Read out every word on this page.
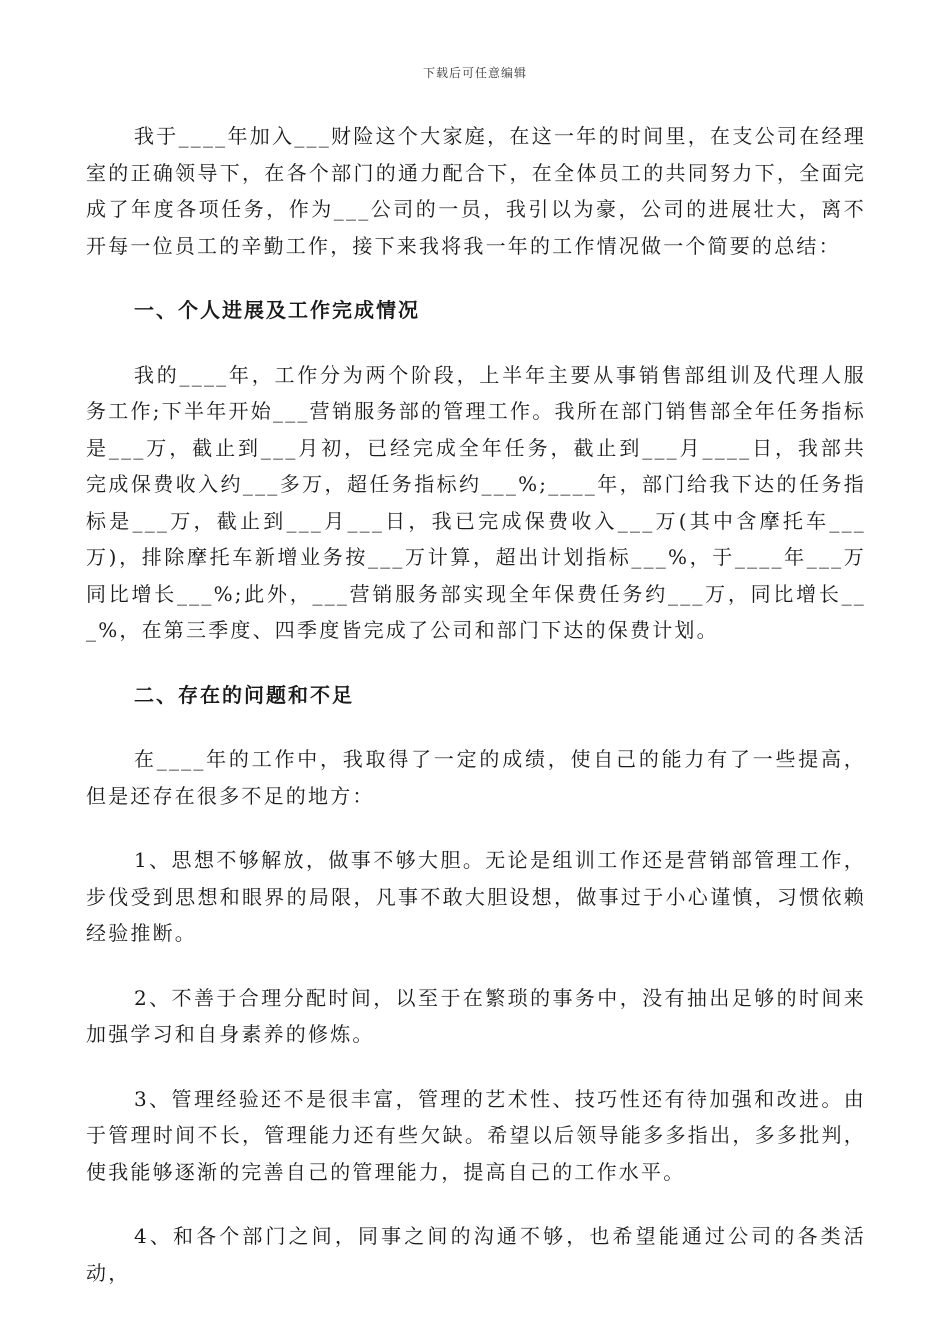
下载后可任意编辑

我于____年加入___财险这个大家庭，在这一年的时间里，在支公司在经理室的正确领导下，在各个部门的通力配合下，在全体员工的共同努力下，全面完成了年度各项任务，作为___公司的一员，我引以为豪，公司的进展壮大，离不开每一位员工的辛勤工作，接下来我将我一年的工作情况做一个简要的总结：

一、个人进展及工作完成情况

我的____年，工作分为两个阶段，上半年主要从事销售部组训及代理人服务工作;下半年开始___营销服务部的管理工作。我所在部门销售部全年任务指标是___万，截止到___月初，已经完成全年任务，截止到___月____日，我部共完成保费收入约___多万，超任务指标约___%;____年，部门给我下达的任务指标是___万，截止到___月___日，我已完成保费收入___万(其中含摩托车___万)，排除摩托车新增业务按___万计算，超出计划指标___%，于____年___万同比增长___%;此外，___营销服务部实现全年保费任务约___万，同比增长___%，在第三季度、四季度皆完成了公司和部门下达的保费计划。

二、存在的问题和不足

在____年的工作中，我取得了一定的成绩，使自己的能力有了一些提高，但是还存在很多不足的地方：

1、思想不够解放，做事不够大胆。无论是组训工作还是营销部管理工作，步伐受到思想和眼界的局限，凡事不敢大胆设想，做事过于小心谨慎，习惯依赖经验推断。

2、不善于合理分配时间，以至于在繁琐的事务中，没有抽出足够的时间来加强学习和自身素养的修炼。

3、管理经验还不是很丰富，管理的艺术性、技巧性还有待加强和改进。由于管理时间不长，管理能力还有些欠缺。希望以后领导能多多指出，多多批判，使我能够逐渐的完善自己的管理能力，提高自己的工作水平。

4、和各个部门之间，同事之间的沟通不够，也希望能通过公司的各类活动，
